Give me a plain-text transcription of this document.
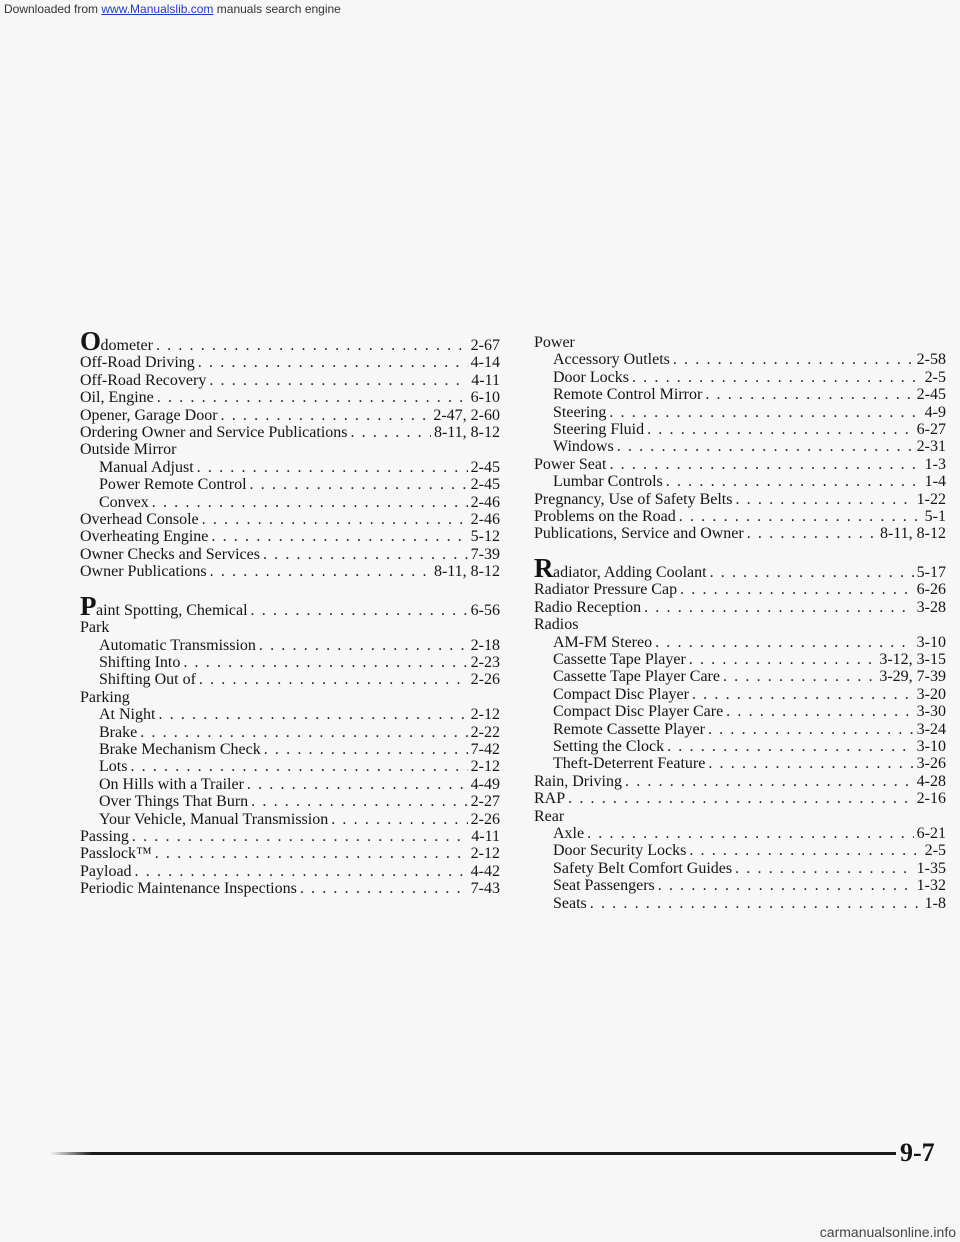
Downloaded from www.Manualslib.com manuals search engine
Odometer . . .	2-67
Off-Road Driving . . .	4-14
Off-Road Recovery . . .	4-11
Oil, Engine . . .	6-10
Opener, Garage Door . . .	2-47, 2-60
Ordering Owner and Service Publications . . .	8-11, 8-12
Outside Mirror
Manual Adjust . . .	2-45
Power Remote Control . . .	2-45
Convex . . .	2-46
Overhead Console . . .	2-46
Overheating Engine . . .	5-12
Owner Checks and Services . . .	7-39
Owner Publications . . .	8-11, 8-12
Paint Spotting, Chemical . . .	6-56
Park
Automatic Transmission . . .	2-18
Shifting Into . . .	2-23
Shifting Out of . . .	2-26
Parking
At Night . . .	2-12
Brake . . .	2-22
Brake Mechanism Check . . .	7-42
Lots . . .	2-12
On Hills with a Trailer . . .	4-49
Over Things That Burn . . .	2-27
Your Vehicle, Manual Transmission . . .	2-26
Passing . . .	4-11
Passlock™ . . .	2-12
Payload . . .	4-42
Periodic Maintenance Inspections . . .	7-43
Power
Accessory Outlets . . .	2-58
Door Locks . . .	2-5
Remote Control Mirror . . .	2-45
Steering . . .	4-9
Steering Fluid . . .	6-27
Windows . . .	2-31
Power Seat . . .	1-3
Lumbar Controls . . .	1-4
Pregnancy, Use of Safety Belts . . .	1-22
Problems on the Road . . .	5-1
Publications, Service and Owner . . .	8-11, 8-12
Radiator, Adding Coolant . . .	5-17
Radiator Pressure Cap . . .	6-26
Radio Reception . . .	3-28
Radios
AM-FM Stereo . . .	3-10
Cassette Tape Player . . .	3-12, 3-15
Cassette Tape Player Care . . .	3-29, 7-39
Compact Disc Player . . .	3-20
Compact Disc Player Care . . .	3-30
Remote Cassette Player . . .	3-24
Setting the Clock . . .	3-10
Theft-Deterrent Feature . . .	3-26
Rain, Driving . . .	4-28
RAP . . .	2-16
Rear
Axle . . .	6-21
Door Security Locks . . .	2-5
Safety Belt Comfort Guides . . .	1-35
Seat Passengers . . .	1-32
Seats . . .	1-8
9-7
carmanualsonline.info
